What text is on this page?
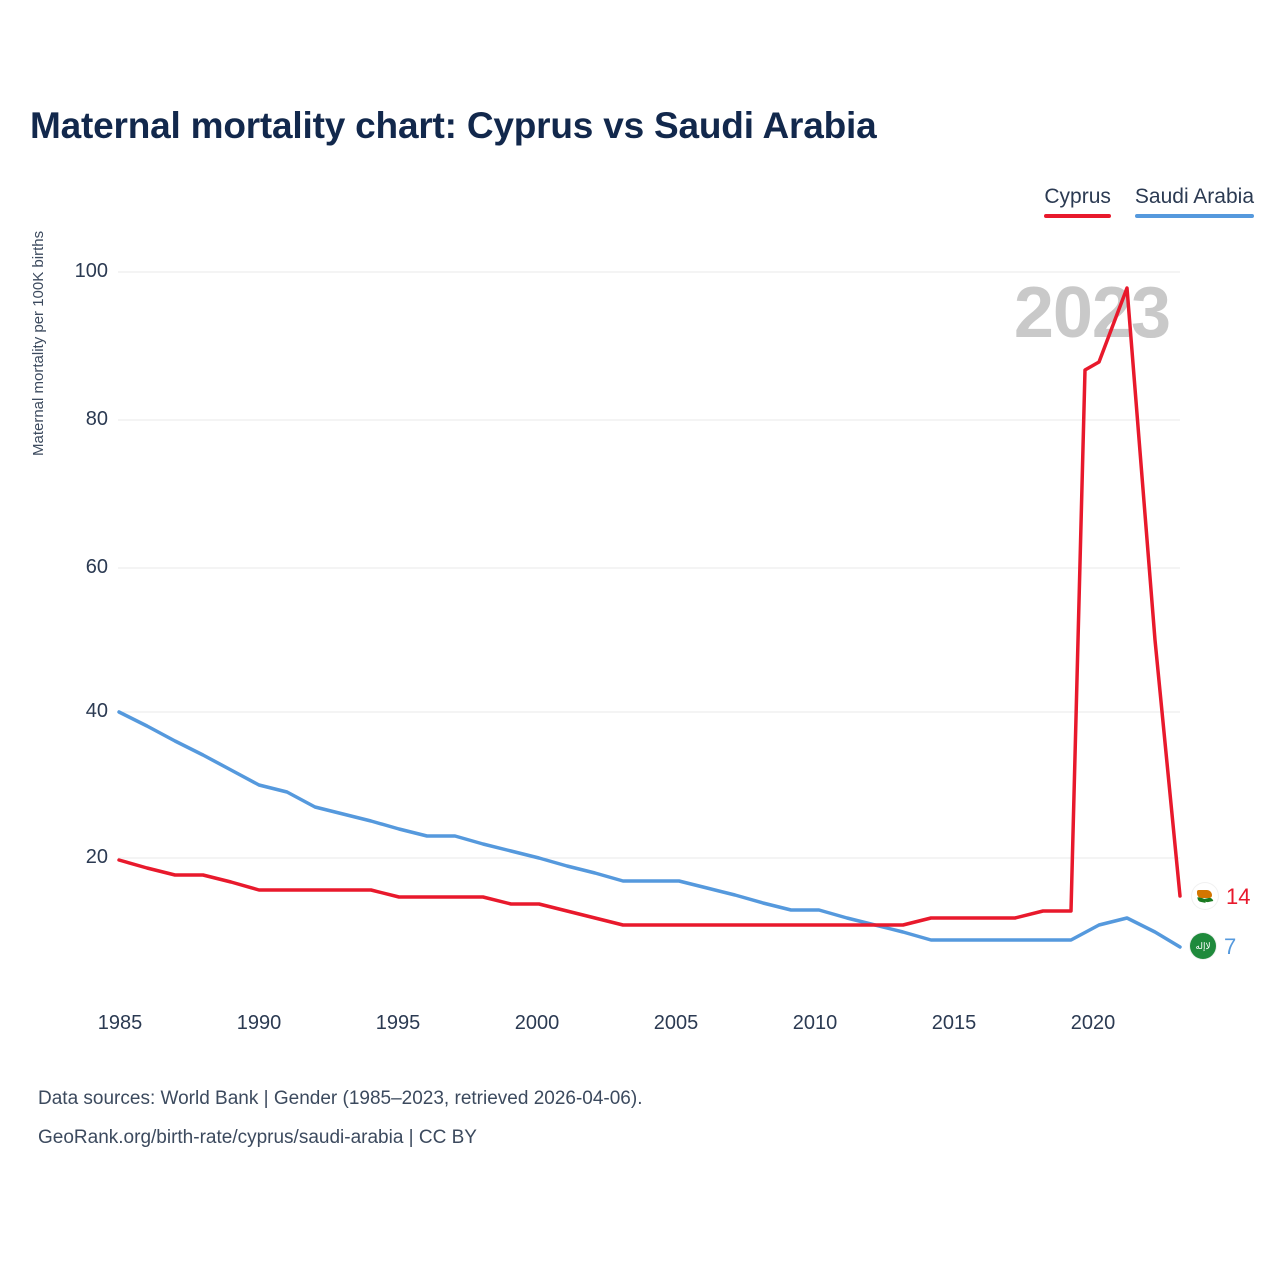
Maternal mortality chart: Cyprus vs Saudi Arabia
Cyprus Saudi Arabia
2023
Maternal mortality per 100K births	100
80
60
40
20
1985	1990	1995	2000	2005	2010	2015	2020
14
﻿لاإله 7
Data sources: World Bank | Gender (1985–2023, retrieved 2026-04-06).
GeoRank.org/birth-rate/cyprus/saudi-arabia | CC BY
